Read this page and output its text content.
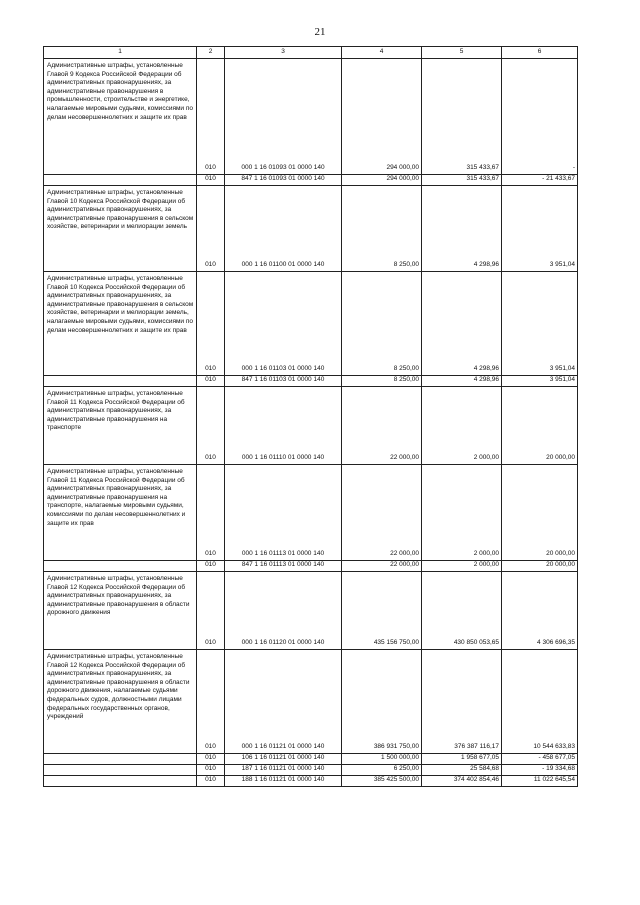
21
1	2	3	4	5	6
Административные штрафы, установленные Главой 9 Кодекса Российской Федерации об административных правонарушениях, за административные правонарушения в промышленности, строительстве и энергетике, налагаемые мировыми судьями, комиссиями по делам несовершеннолетних и защите их прав	010	000 1 16 01093 01 0000 140	294 000,00	315 433,67	-
	010	847 1 16 01093 01 0000 140	294 000,00	315 433,67	- 21 433,67
Административные штрафы, установленные Главой 10 Кодекса Российской Федерации об административных правонарушениях, за административные правонарушения в сельском хозяйстве, ветеринарии и мелиорации земель	010	000 1 16 01100 01 0000 140	8 250,00	4 298,96	3 951,04
Административные штрафы, установленные Главой 10 Кодекса Российской Федерации об административных правонарушениях, за административные правонарушения в сельском хозяйстве, ветеринарии и мелиорации земель, налагаемые мировыми судьями, комиссиями по делам несовершеннолетних и защите их прав	010	000 1 16 01103 01 0000 140	8 250,00	4 298,96	3 951,04
	010	847 1 16 01103 01 0000 140	8 250,00	4 298,96	3 951,04
Административные штрафы, установленные Главой 11 Кодекса Российской Федерации об административных правонарушениях, за административные правонарушения на транспорте	010	000 1 16 01110 01 0000 140	22 000,00	2 000,00	20 000,00
Административные штрафы, установленные Главой 11 Кодекса Российской Федерации об административных правонарушениях, за административные правонарушения на транспорте, налагаемые мировыми судьями, комиссиями по делам несовершеннолетних и защите их прав	010	000 1 16 01113 01 0000 140	22 000,00	2 000,00	20 000,00
	010	847 1 16 01113 01 0000 140	22 000,00	2 000,00	20 000,00
Административные штрафы, установленные Главой 12 Кодекса Российской Федерации об административных правонарушениях, за административные правонарушения в области дорожного движения	010	000 1 16 01120 01 0000 140	435 156 750,00	430 850 053,65	4 306 696,35
Административные штрафы, установленные Главой 12 Кодекса Российской Федерации об административных правонарушениях, за административные правонарушения в области дорожного движения, налагаемые судьями федеральных судов, должностными лицами федеральных государственных органов, учреждений	010	000 1 16 01121 01 0000 140	386 931 750,00	376 387 116,17	10 544 633,83
	010	106 1 16 01121 01 0000 140	1 500 000,00	1 958 677,05	- 458 677,05
	010	187 1 16 01121 01 0000 140	6 250,00	25 584,68	- 19 334,68
	010	188 1 16 01121 01 0000 140	385 425 500,00	374 402 854,46	11 022 645,54
